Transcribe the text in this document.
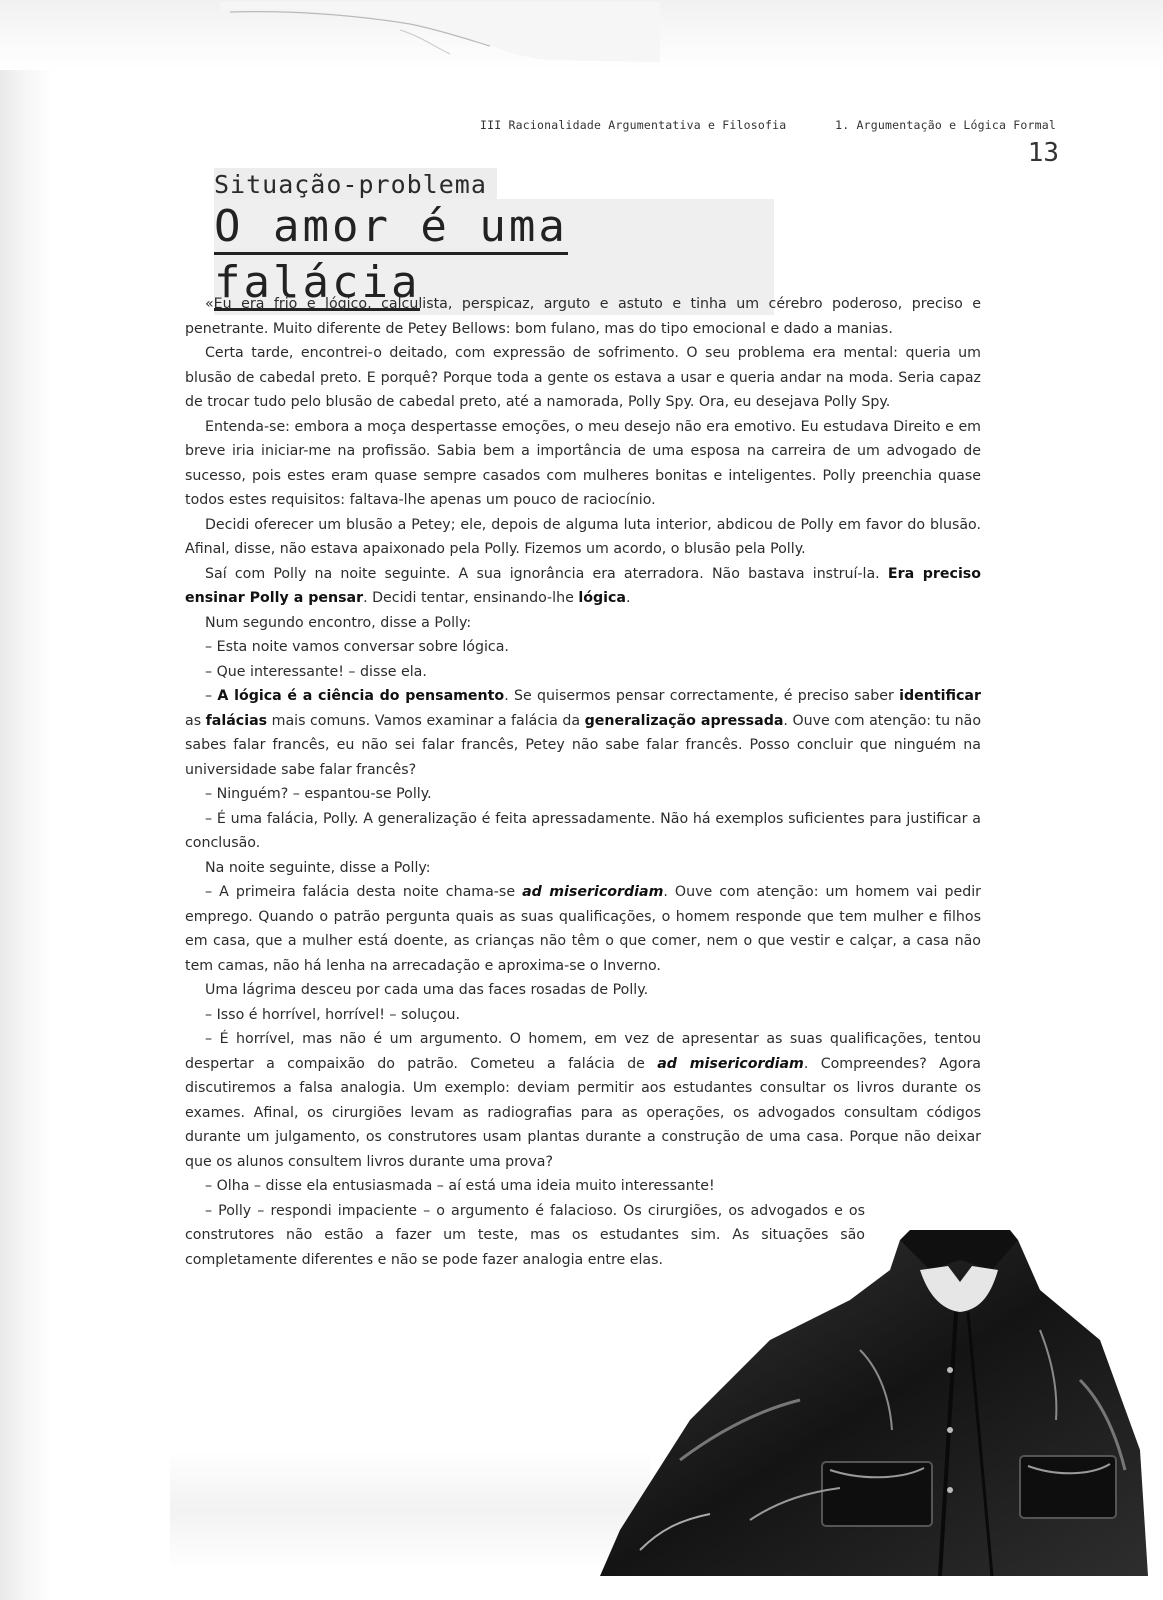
III Racionalidade Argumentativa e Filosofia	1. Argumentação e Lógica Formal
13
Situação-problema
O amor é uma falácia

«Eu era frio e lógico, calculista, perspicaz, arguto e astuto e tinha um cérebro poderoso, preciso e penetrante. Muito diferente de Petey Bellows: bom fulano, mas do tipo emocional e dado a manias.

Certa tarde, encontrei-o deitado, com expressão de sofrimento. O seu problema era mental: queria um blusão de cabedal preto. E porquê? Porque toda a gente os estava a usar e queria andar na moda. Seria capaz de trocar tudo pelo blusão de cabedal preto, até a namorada, Polly Spy. Ora, eu desejava Polly Spy.

Entenda-se: embora a moça despertasse emoções, o meu desejo não era emotivo. Eu estudava Direito e em breve iria iniciar-me na profissão. Sabia bem a importância de uma esposa na carreira de um advogado de sucesso, pois estes eram quase sempre casados com mulheres bonitas e inteligentes. Polly preenchia quase todos estes requisitos: faltava-lhe apenas um pouco de raciocínio.

Decidi oferecer um blusão a Petey; ele, depois de alguma luta interior, abdicou de Polly em favor do blusão. Afinal, disse, não estava apaixonado pela Polly. Fizemos um acordo, o blusão pela Polly.

Saí com Polly na noite seguinte. A sua ignorância era aterradora. Não bastava instruí-la. Era preciso ensinar Polly a pensar. Decidi tentar, ensinando-lhe lógica.

Num segundo encontro, disse a Polly:

– Esta noite vamos conversar sobre lógica.

– Que interessante! – disse ela.

– A lógica é a ciência do pensamento. Se quisermos pensar correctamente, é preciso saber identificar as falácias mais comuns. Vamos examinar a falácia da generalização apressada. Ouve com atenção: tu não sabes falar francês, eu não sei falar francês, Petey não sabe falar francês. Posso concluir que ninguém na universidade sabe falar francês?

– Ninguém? – espantou-se Polly.

– É uma falácia, Polly. A generalização é feita apressadamente. Não há exemplos suficientes para justificar a conclusão.

Na noite seguinte, disse a Polly:

– A primeira falácia desta noite chama-se ad misericordiam. Ouve com atenção: um homem vai pedir emprego. Quando o patrão pergunta quais as suas qualificações, o homem responde que tem mulher e filhos em casa, que a mulher está doente, as crianças não têm o que comer, nem o que vestir e calçar, a casa não tem camas, não há lenha na arrecadação e aproxima-se o Inverno.

Uma lágrima desceu por cada uma das faces rosadas de Polly.

– Isso é horrível, horrível! – soluçou.

– É horrível, mas não é um argumento. O homem, em vez de apresentar as suas qualificações, tentou despertar a compaixão do patrão. Cometeu a falácia de ad misericordiam. Compreendes? Agora discutiremos a falsa analogia. Um exemplo: deviam permitir aos estudantes consultar os livros durante os exames. Afinal, os cirurgiões levam as radiografias para as operações, os advogados consultam códigos durante um julgamento, os construtores usam plantas durante a construção de uma casa. Porque não deixar que os alunos consultem livros durante uma prova?

– Olha – disse ela entusiasmada – aí está uma ideia muito interessante!

– Polly – respondi impaciente – o argumento é falacioso. Os cirurgiões, os advogados e os construtores não estão a fazer um teste, mas os estudantes sim. As situações são completamente diferentes e não se pode fazer analogia entre elas.
